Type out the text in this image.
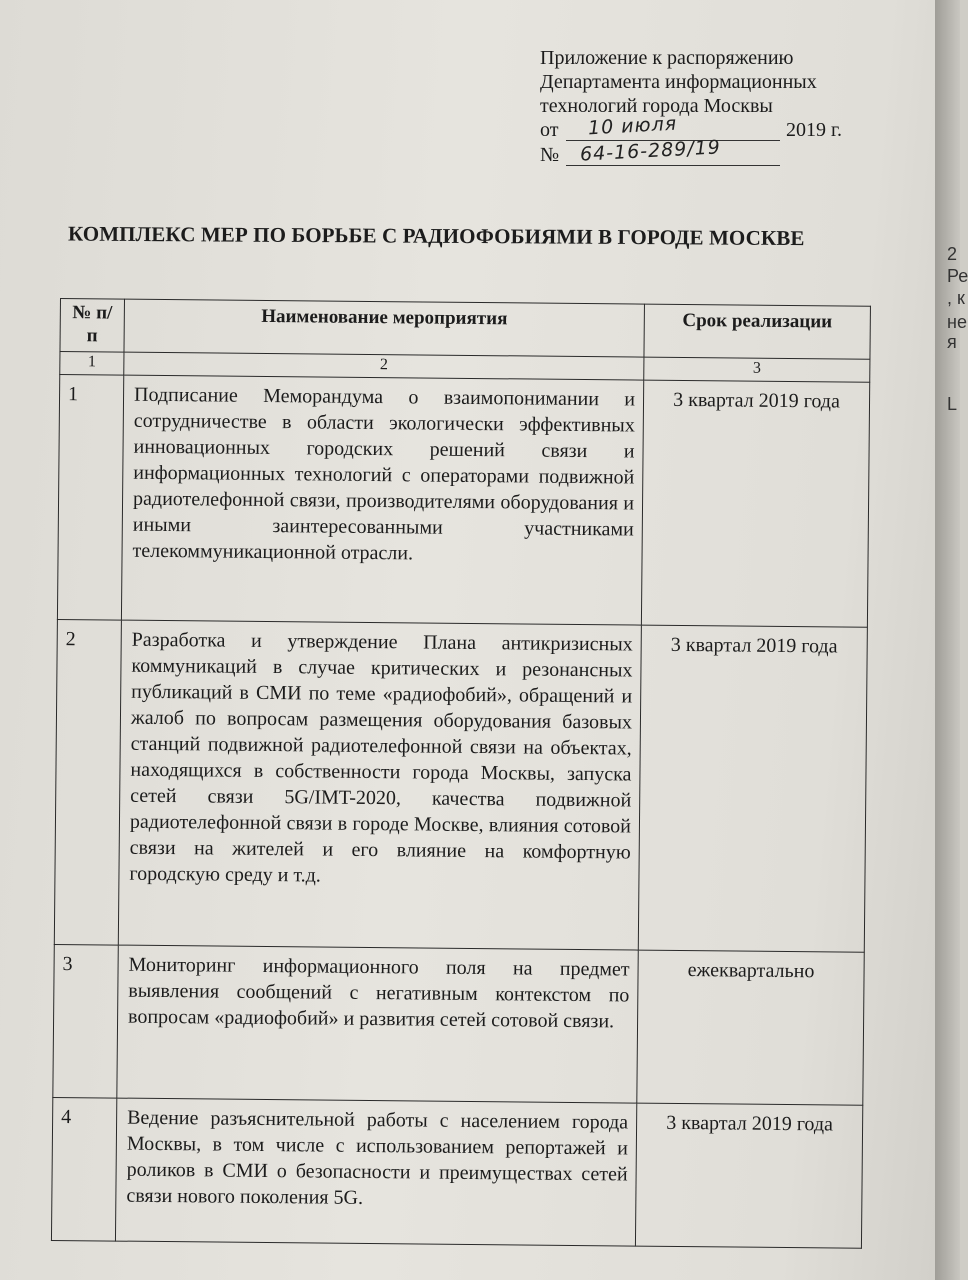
Приложение к распоряжению
Департамента информационных
технологий города Москвы
от 10 июля	2019 г.
№ 64-16-289/19
КОМПЛЕКС МЕР ПО БОРЬБЕ С РАДИОФОБИЯМИ В ГОРОДЕ МОСКВЕ
№ п/п	Наименование мероприятия	Срок реализации

1	2	3
1	Подписание Меморандума о взаимопонимании и сотрудничестве в области экологически эффективных инновационных городских решений связи и информационных технологий с операторами подвижной радиотелефонной связи, производителями оборудования и иными заинтересованными участниками телекоммуникационной отрасли.	3 квартал 2019 года
2	Разработка и утверждение Плана антикризисных коммуникаций в случае критических и резонансных публикаций в СМИ по теме «радиофобий», обращений и жалоб по вопросам размещения оборудования базовых станций подвижной радиотелефонной связи на объектах, находящихся в собственности города Москвы, запуска сетей связи 5G/IMT-2020, качества подвижной радиотелефонной связи в городе Москве, влияния сотовой связи на жителей и его влияние на комфортную городскую среду и т.д.	3 квартал 2019 года
3	Мониторинг информационного поля на предмет выявления сообщений с негативным контекстом по вопросам «радиофобий» и развития сетей сотовой связи.	ежеквартально
4	Ведение разъяснительной работы с населением города Москвы, в том числе с использованием репортажей и роликов в СМИ о безопасности и преимуществах сетей связи нового поколения 5G.	3 квартал 2019 года
2
Ре
, к
не
я
L
